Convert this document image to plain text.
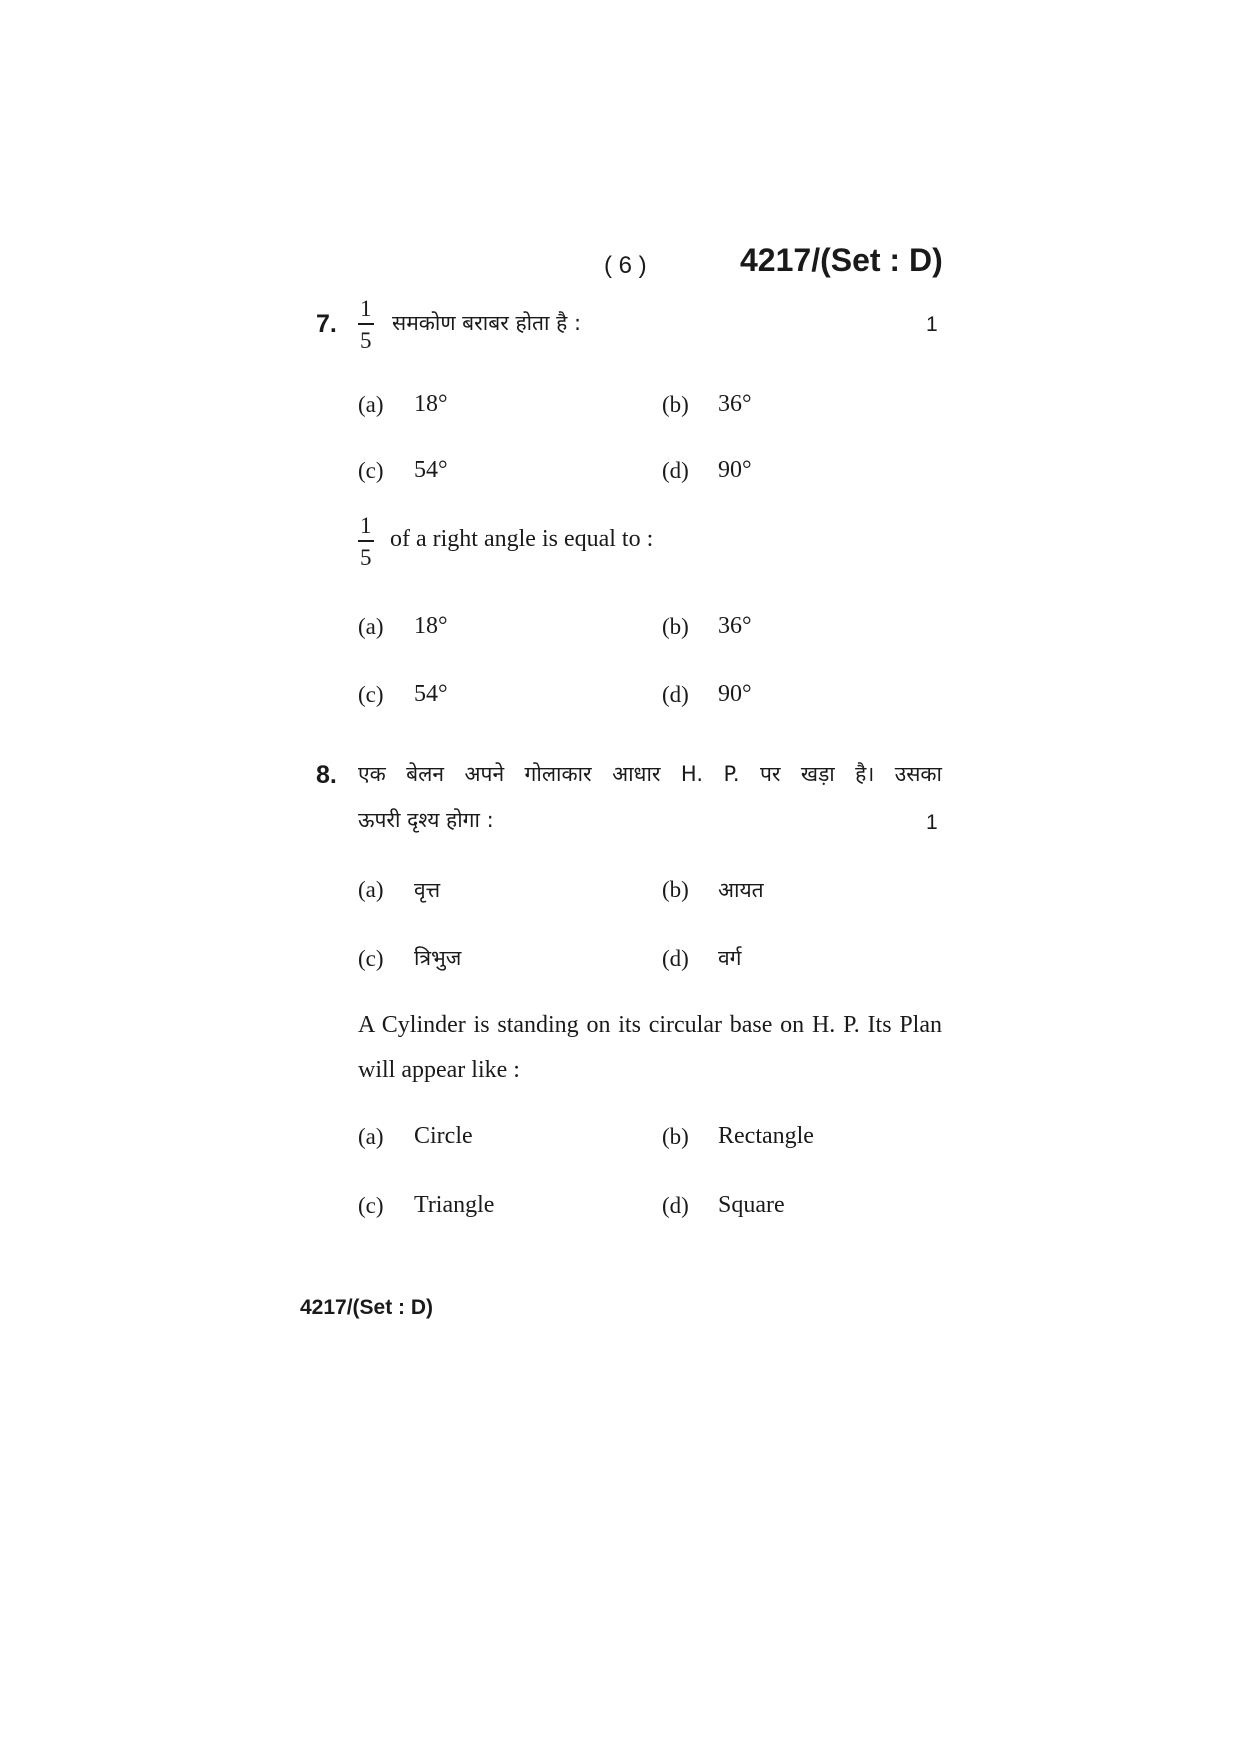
( 6 )	4217/(Set : D)
7.
1
5
समकोण बराबर होता है :	1
(a) 18°	(b) 36°
(c) 54°	(d) 90°
1
5
of a right angle is equal to :
(a) 18°	(b) 36°
(c) 54°	(d) 90°
8. एक बेलन अपने गोलाकार आधार H. P. पर खड़ा है। उसका
ऊपरी दृश्य होगा :	1
(a) वृत्त	(b) आयत
(c) त्रिभुज	(d) वर्ग
A Cylinder is standing on its circular base on H. P. Its Plan will appear like :
(a) Circle	(b) Rectangle
(c) Triangle	(d) Square
4217/(Set : D)
